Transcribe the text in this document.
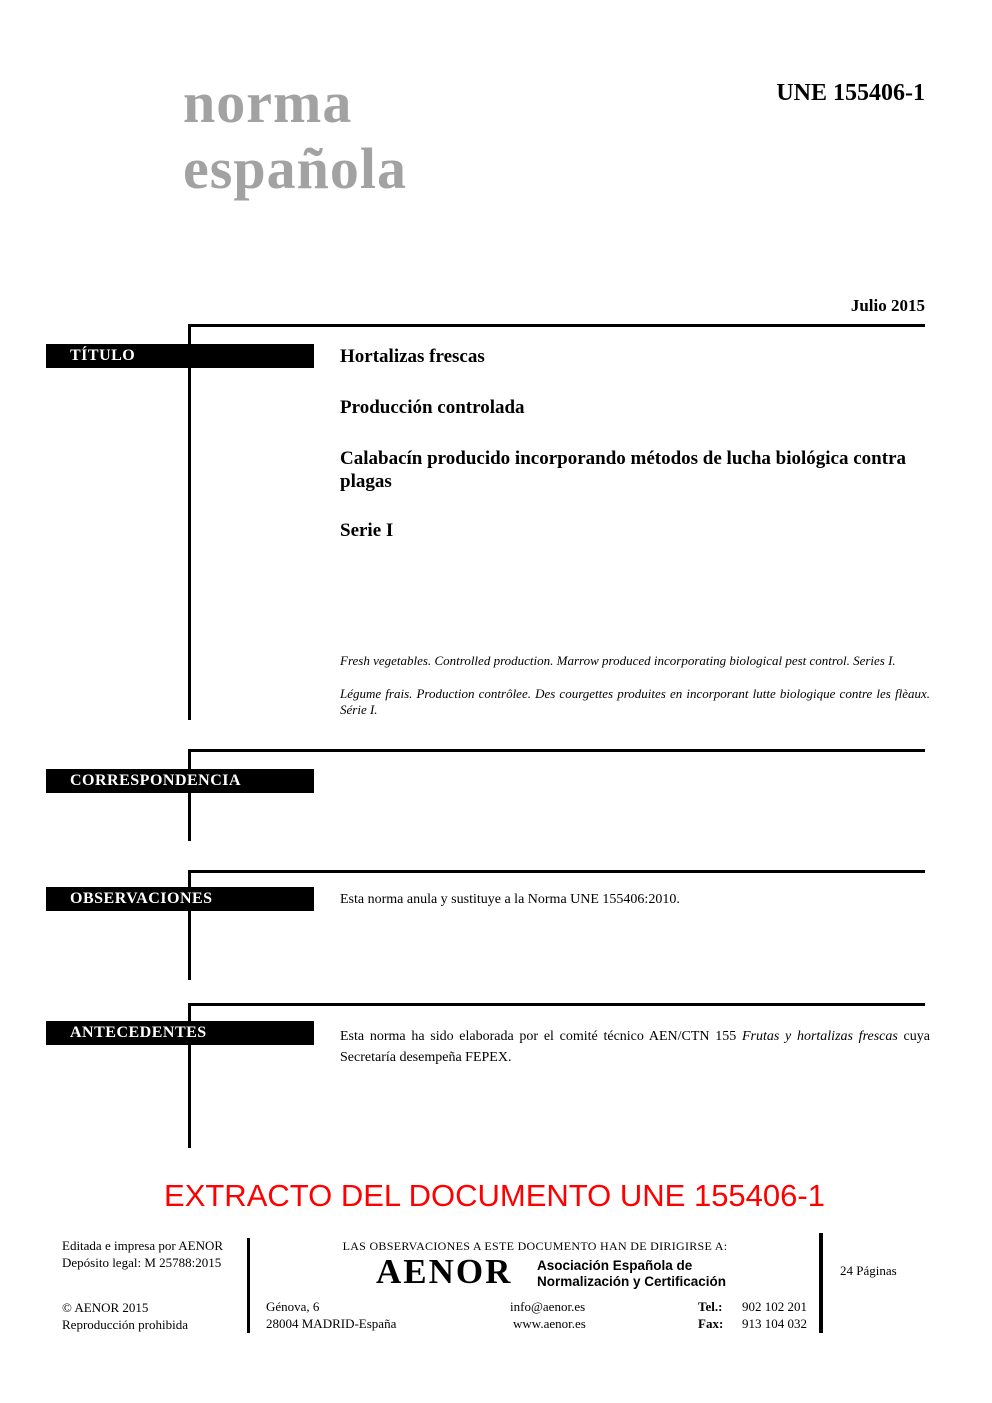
norma
española
UNE 155406-1
Julio 2015
TÍTULO	Hortalizas frescas
Producción controlada
Calabacín producido incorporando métodos de lucha biológica contra plagas
Serie I
Fresh vegetables. Controlled production. Marrow produced incorporating biological pest control. Series I.
Légume frais. Production contrôlee. Des courgettes produites en incorporant lutte biologique contre les flèaux. Série I.
CORRESPONDENCIA
OBSERVACIONES	Esta norma anula y sustituye a la Norma UNE 155406:2010.
ANTECEDENTES	Esta norma ha sido elaborada por el comité técnico AEN/CTN 155 Frutas y hortalizas frescas cuya Secretaría desempeña FEPEX.
EXTRACTO DEL DOCUMENTO UNE 155406-1
Editada e impresa por AENOR
Depósito legal: M 25788:2015
© AENOR 2015
Reproducción prohibida
LAS OBSERVACIONES A ESTE DOCUMENTO HAN DE DIRIGIRSE A:
AENOR Asociación Española de
Normalización y Certificación
Génova, 6
28004 MADRID-España
info@aenor.es
www.aenor.es
Tel.:	902 102 201
Fax:	913 104 032
24 Páginas
